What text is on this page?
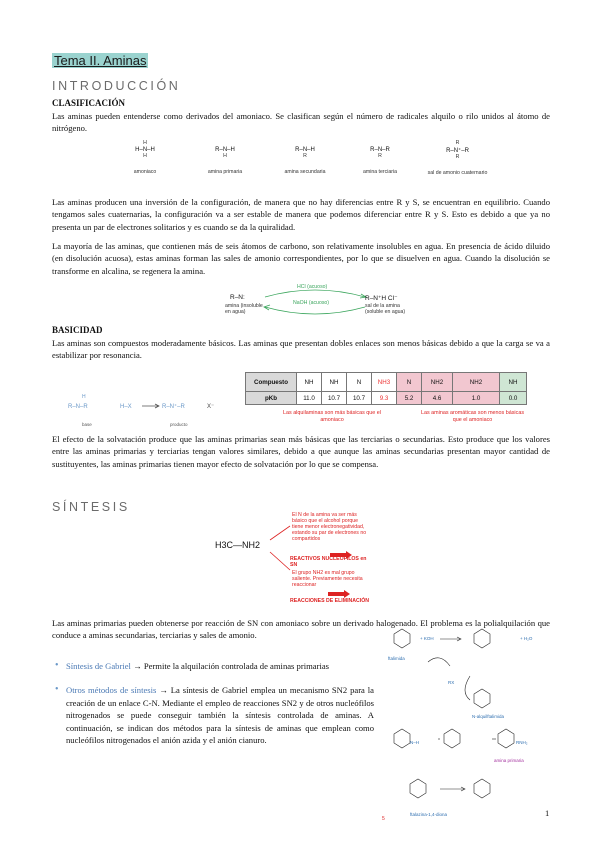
Tema II. Aminas
INTRODUCCIÓN
CLASIFICACIÓN

Las aminas pueden entenderse como derivados del amoniaco. Se clasifican según el número de radicales alquilo o rilo unidos al átomo de nitrógeno.

H
H–N–H
H
amoniaco
R–N–H
H
amina primaria
R–N–H
R
amina secundaria
R–N–R
R
amina terciaria
R
R–N⁺–R
R
sal de amonio cuaternario

Las aminas producen una inversión de la configuración, de manera que no hay diferencias entre R y S, se encuentran en equilibrio. Cuando tengamos sales cuaternarias, la configuración va a ser estable de manera que podemos diferenciar entre R y S. Esto es debido a que ya no presenta un par de electrones solitarios y es cuando se da la quiralidad.

La mayoría de las aminas, que contienen más de seis átomos de carbono, son relativamente insolubles en agua. En presencia de ácido diluido (en disolución acuosa), estas aminas forman las sales de amonio correspondientes, por lo que se disuelven en agua. Cuando la disolución se transforme en alcalina, se regenera la amina.

R–N:
amina (insoluble en agua)
HCl (acuoso)
NaOH (acuoso)
R–N⁺H Cl⁻
sal de la amina (soluble en agua)
BASICIDAD

Las aminas son compuestos moderadamente básicos. Las aminas que presentan dobles enlaces son menos básicas debido a que la carga se va a estabilizar por resonancia.

R–N–R
H
H–X	R–N⁺–R	X⁻
base	producto
Compuesto	NH	NH	N	NH3	N	NH2	NH2	NH
pKb	11.0	10.7	10.7	9.3	5.2	4.6	1.0	0.0
Las alquilaminas son más básicas que el amoniaco
Las aminas aromáticas son menos básicas que el amoniaco

El efecto de la solvatación produce que las aminas primarias sean más básicas que las terciarias o secundarias. Esto produce que los valores entre las aminas primarias y terciarias tengan valores similares, debido a que aunque las aminas secundarias presentan mayor cantidad de sustituyentes, las aminas primarias tienen mayor efecto de solvatación por lo que se compensa.

SÍNTESIS
H3C—NH2
El N de la amina va ser más básico que el alcohol porque tiene menor electronegatividad, estando su par de electrones no compartidos
REACTIVOS NUCLEÓFILOS en SN
El grupo NH2 es mal grupo saliente. Previamente necesita reaccionar
REACCIONES DE ELIMINACIÓN

Las aminas primarias pueden obtenerse por reacción de SN con amoniaco sobre un derivado halogenado. El problema es la polialquilación que conduce a aminas secundarias, terciarias y sales de amonio.

• Síntesis de Gabriel → Permite la alquilación controlada de aminas primarias
• Otros métodos de síntesis → La síntesis de Gabriel emplea un mecanismo SN2 para la creación de un enlace C-N. Mediante el empleo de reacciones SN2 y de otros nucleófilos nitrogenados se puede conseguir también la síntesis controlada de aminas. A continuación, se indican dos métodos para la síntesis de aminas que emplean como nucleófilos nitrogenados el anión azida y el anión cianuro.
+ KOH	+ H₂O
RX
N–H	RNH₂
ftalimida
N-alquilftalimida
amina primaria
ftalazina-1,4-diona
5
1
